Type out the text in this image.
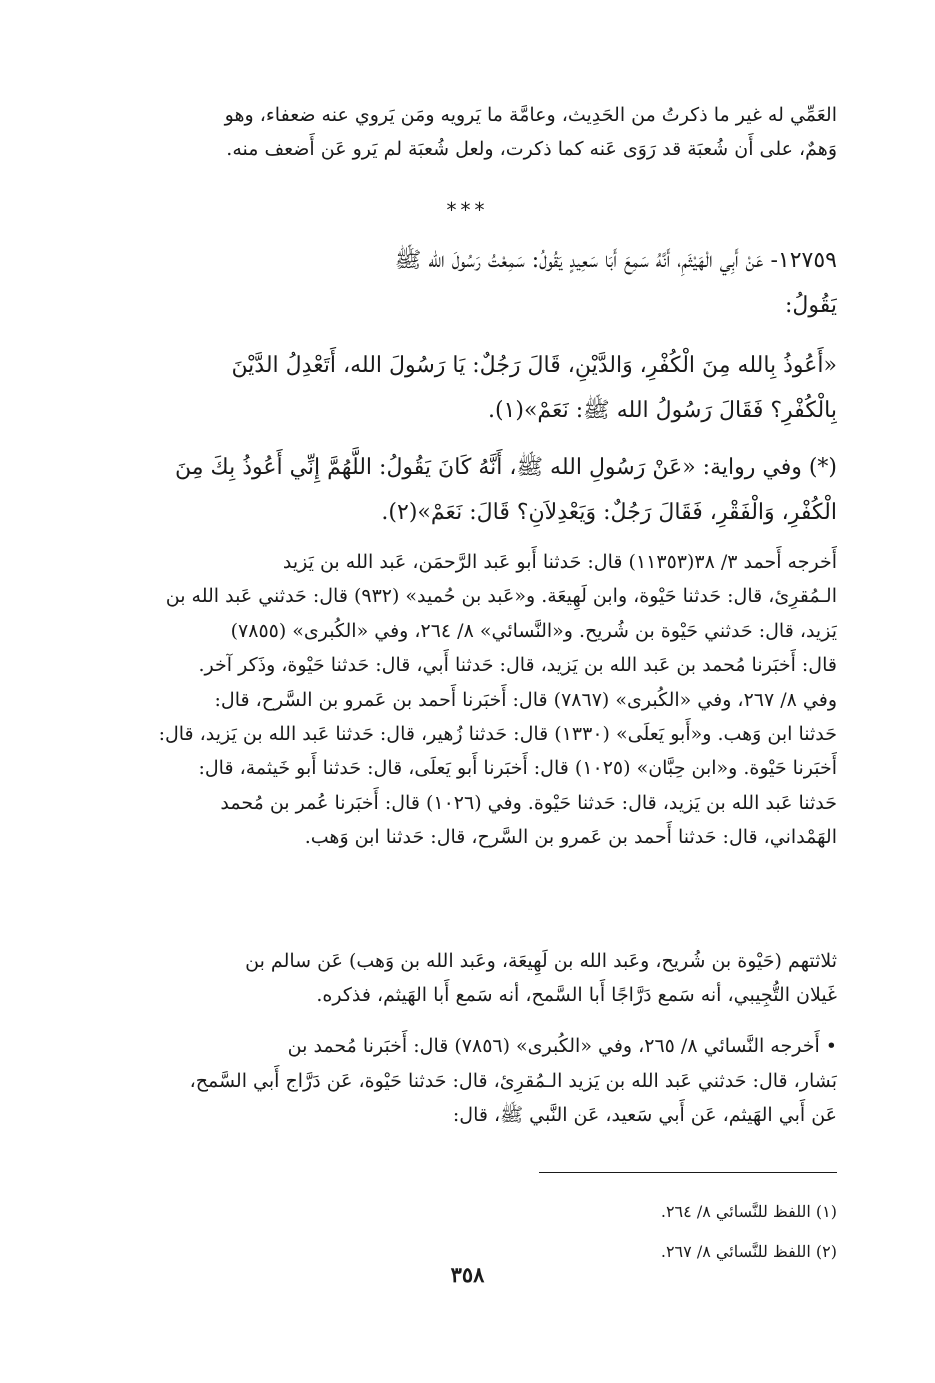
العَمِّي له غير ما ذكرتُ من الحَدِيث، وعامَّة ما يَرويه ومَن يَروي عنه ضعفاء، وهو
وَهمٌ، على أَن شُعبَة قد رَوَى عَنه كما ذكرت، ولعل شُعبَة لم يَرو عَن أَضعف منه.
***
١٢٧٥٩- عَنْ أَبِي الْهَيْثَمِ، أَنَّهُ سَمِعَ أَبَا سَعِيدٍ يَقُولُ: سَمِعْتُ رَسُولَ الله ﷺ
يَقُولُ:
«أَعُوذُ بِالله مِنَ الْكُفْرِ، وَالدَّيْنِ، قَالَ رَجُلٌ: يَا رَسُولَ الله، أَتَعْدِلُ الدَّيْنَ
بِالْكُفْرِ؟ فَقَالَ رَسُولُ الله ﷺ: نَعَمْ»(١).
(*) وفي رواية: «عَنْ رَسُولِ الله ﷺ، أَنَّهُ كَانَ يَقُولُ: اللَّهُمَّ إِنِّي أَعُوذُ بِكَ مِنَ
الْكُفْرِ، وَالْفَقْرِ، فَقَالَ رَجُلٌ: وَيَعْدِلاَنِ؟ قَالَ: نَعَمْ»(٢).
أَخرجه أَحمد ٣/ ٣٨(١١٣٥٣) قال: حَدثنا أَبو عَبد الرَّحمَن، عَبد الله بن يَزيد
الـمُقرِئ، قال: حَدثنا حَيْوة، وابن لَهِيعَة. و«عَبد بن حُميد» (٩٣٢) قال: حَدثني عَبد الله بن
يَزيد، قال: حَدثني حَيْوة بن شُريح. و«النَّسائي» ٨/ ٢٦٤، وفي «الكُبرى» (٧٨٥٥)
قال: أَخبَرنا مُحمد بن عَبد الله بن يَزيد، قال: حَدثنا أَبي، قال: حَدثنا حَيْوة، وذَكر آخر.
وفي ٨/ ٢٦٧، وفي «الكُبرى» (٧٨٦٧) قال: أَخبَرنا أَحمد بن عَمرو بن السَّرح، قال:
حَدثنا ابن وَهب. و«أَبو يَعلَى» (١٣٣٠) قال: حَدثنا زُهير، قال: حَدثنا عَبد الله بن يَزيد، قال:
أَخبَرنا حَيْوة. و«ابن حِبَّان» (١٠٢٥) قال: أَخبَرنا أَبو يَعلَى، قال: حَدثنا أَبو خَيثمة، قال:
حَدثنا عَبد الله بن يَزيد، قال: حَدثنا حَيْوة. وفي (١٠٢٦) قال: أَخبَرنا عُمر بن مُحمد
الهَمْداني، قال: حَدثنا أَحمد بن عَمرو بن السَّرح، قال: حَدثنا ابن وَهب.
ثلاثتهم (حَيْوة بن شُريح، وعَبد الله بن لَهِيعَة، وعَبد الله بن وَهب) عَن سالم بن
غَيلان التُّجِيبي، أنه سَمع دَرَّاجًا أَبا السَّمح، أنه سَمع أَبا الهَيثم، فذكره.
• أَخرجه النَّسائي ٨/ ٢٦٥، وفي «الكُبرى» (٧٨٥٦) قال: أَخبَرنا مُحمد بن
بَشار، قال: حَدثني عَبد الله بن يَزيد الـمُقرِئ، قال: حَدثنا حَيْوة، عَن دَرَّاج أَبي السَّمح،
عَن أَبي الهَيثم، عَن أَبي سَعيد، عَن النَّبي ﷺ، قال:
(١) اللفظ للنَّسائي ٨/ ٢٦٤.
(٢) اللفظ للنَّسائي ٨/ ٢٦٧.
٣٥٨
